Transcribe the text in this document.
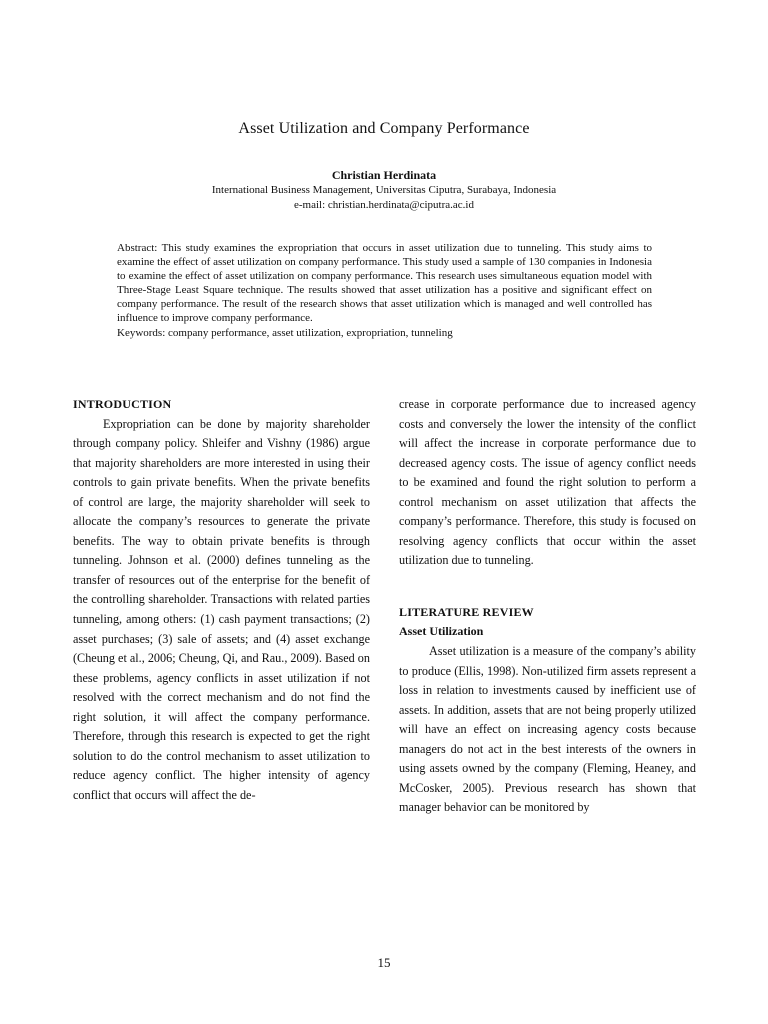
Asset Utilization and Company Performance
Christian Herdinata
International Business Management, Universitas Ciputra, Surabaya, Indonesia
e-mail: christian.herdinata@ciputra.ac.id

Abstract: This study examines the expropriation that occurs in asset utilization due to tunneling. This study aims to examine the effect of asset utilization on company performance. This study used a sample of 130 companies in Indonesia to examine the effect of asset utilization on company performance. This research uses simultaneous equation model with Three-Stage Least Square technique. The results showed that asset utilization has a positive and significant effect on company performance. The result of the research shows that asset utilization which is managed and well controlled has influence to improve company performance.

Keywords: company performance, asset utilization, expropriation, tunneling

INTRODUCTION

Expropriation can be done by majority shareholder through company policy. Shleifer and Vishny (1986) argue that majority shareholders are more interested in using their controls to gain private benefits. When the private benefits of control are large, the majority shareholder will seek to allocate the company’s resources to generate the private benefits. The way to obtain private benefits is through tunneling. Johnson et al. (2000) defines tunneling as the transfer of resources out of the enterprise for the benefit of the controlling shareholder. Transactions with related parties tunneling, among others: (1) cash payment transactions; (2) asset purchases; (3) sale of assets; and (4) asset exchange (Cheung et al., 2006; Cheung, Qi, and Rau., 2009). Based on these problems, agency conflicts in asset utilization if not resolved with the correct mechanism and do not find the right solution, it will affect the company performance. Therefore, through this research is expected to get the right solution to do the control mechanism to asset utilization to reduce agency conflict. The higher intensity of agency conflict that occurs will affect the de-

crease in corporate performance due to increased agency costs and conversely the lower the intensity of the conflict will affect the increase in corporate performance due to decreased agency costs. The issue of agency conflict needs to be examined and found the right solution to perform a control mechanism on asset utilization that affects the company’s performance. Therefore, this study is focused on resolving agency conflicts that occur within the asset utilization due to tunneling.

LITERATURE REVIEW

Asset Utilization

Asset utilization is a measure of the company’s ability to produce (Ellis, 1998). Non-utilized firm assets represent a loss in relation to investments caused by inefficient use of assets. In addition, assets that are not being properly utilized will have an effect on increasing agency costs because managers do not act in the best interests of the owners in using assets owned by the company (Fleming, Heaney, and McCosker, 2005). Previous research has shown that manager behavior can be monitored by

15
